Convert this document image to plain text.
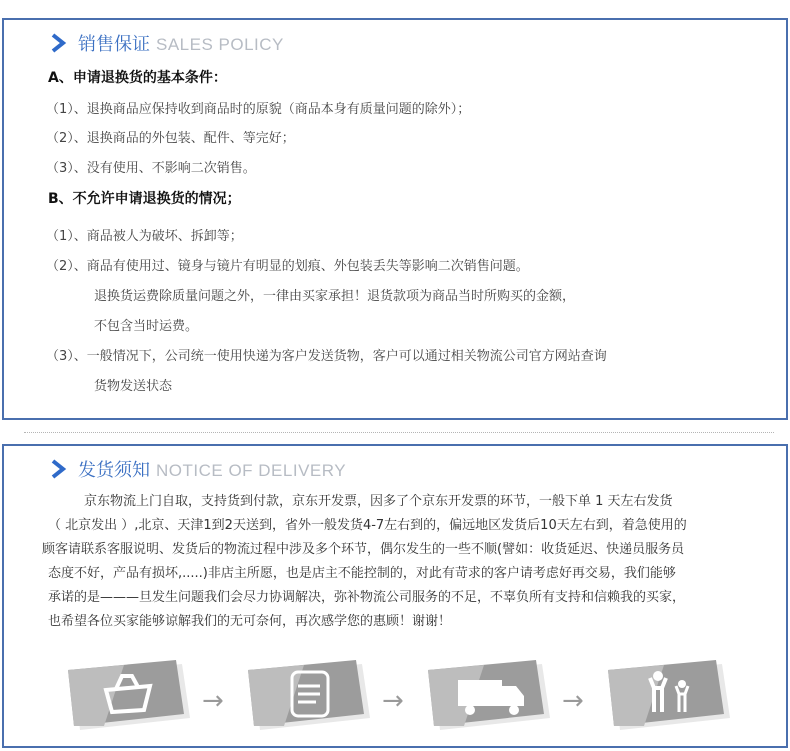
销售保证 SALES POLICY
A、申请退换货的基本条件：
（1）、退换商品应保持收到商品时的原貌（商品本身有质量问题的除外）；
（2）、退换商品的外包装、配件、等完好；
（3）、没有使用、不影响二次销售。
B、不允许申请退换货的情况；
（1）、商品被人为破坏、拆卸等；
（2）、商品有使用过、镜身与镜片有明显的划痕、外包装丢失等影响二次销售问题。
退换货运费除质量问题之外，一律由买家承担！退货款项为商品当时所购买的金额，
不包含当时运费。
（3）、一般情况下，公司统一使用快递为客户发送货物，客户可以通过相关物流公司官方网站查询
货物发送状态
发货须知 NOTICE OF DELIVERY
京东物流上门自取，支持货到付款，京东开发票，因多了个京东开发票的环节，一般下单 1 天左右发货
（ 北京发出 ）,北京、天津1到2天送到，省外一般发货4-7左右到的，偏远地区发货后10天左右到，着急使用的
顾客请联系客服说明、发货后的物流过程中涉及多个环节，偶尔发生的一些不顺(譬如：收货延迟、快递员服务员
态度不好，产品有损坏,.....)非店主所愿，也是店主不能控制的，对此有苛求的客户请考虑好再交易，我们能够
承诺的是———旦发生问题我们会尽力协调解决，弥补物流公司服务的不足，不辜负所有支持和信赖我的买家，
也希望各位买家能够谅解我们的无可奈何，再次感学您的惠顾！谢谢！
→	→	→
